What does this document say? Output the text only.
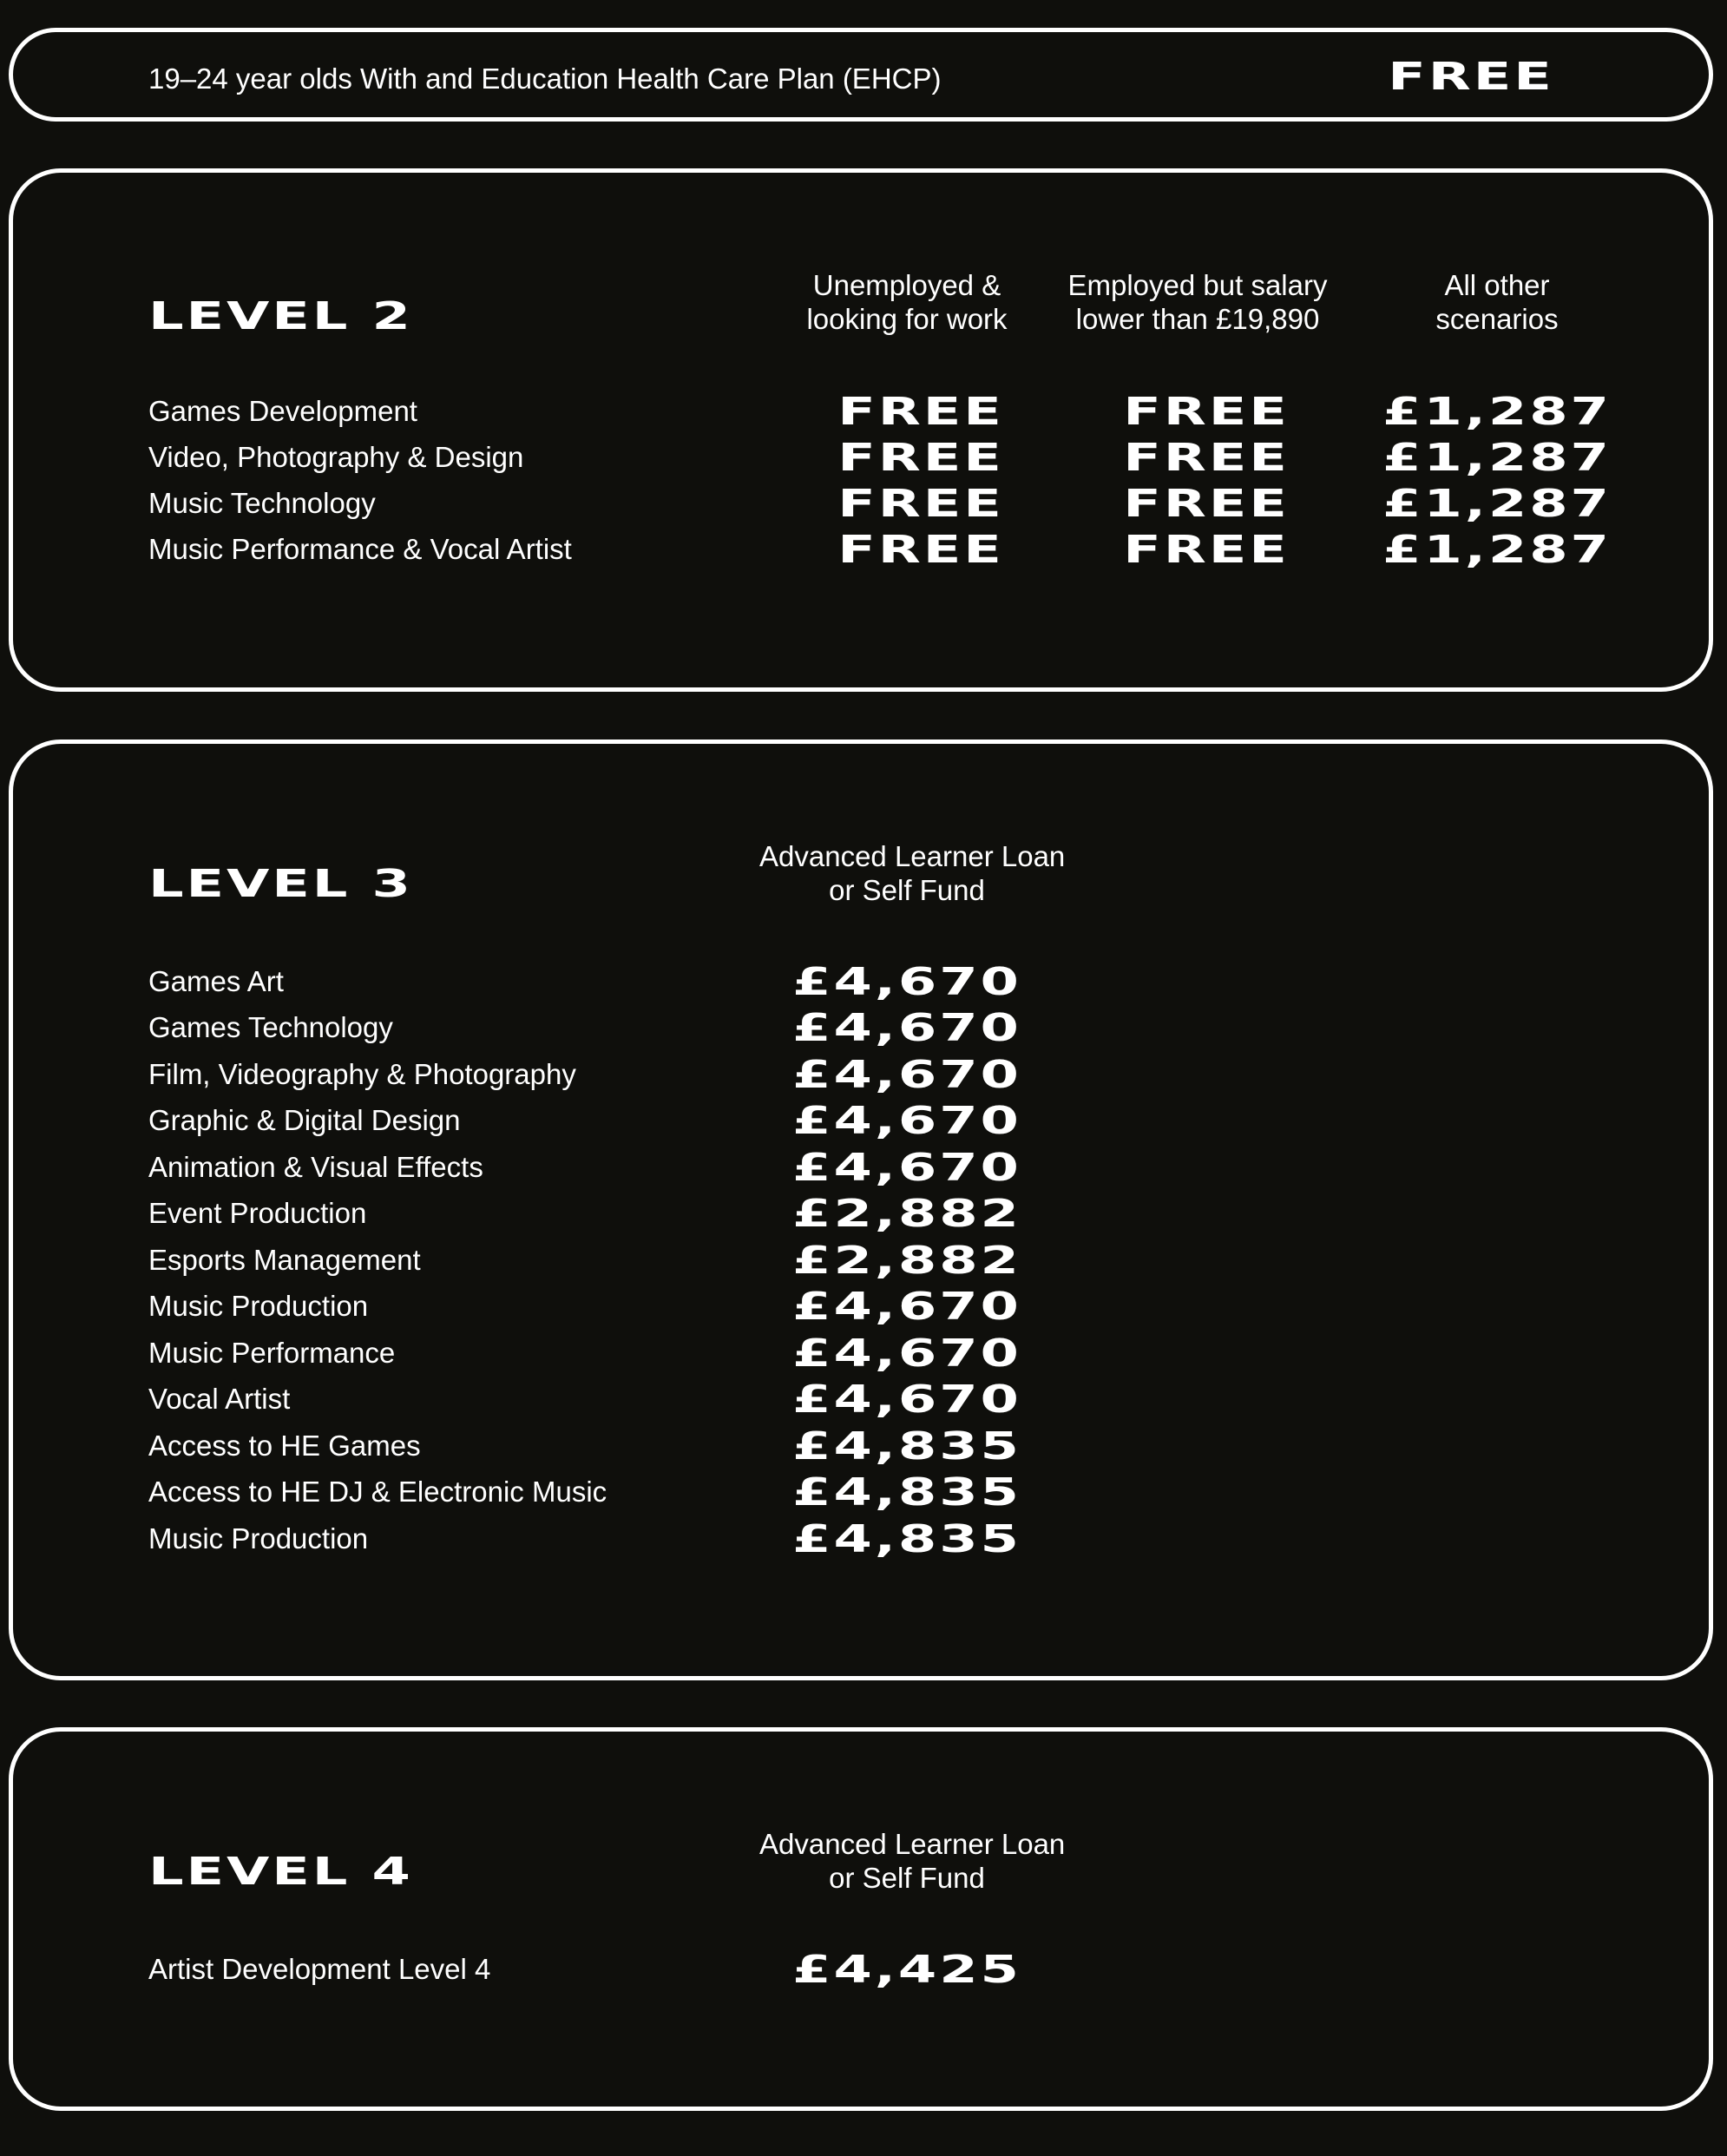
19–24 year olds With and Education Health Care Plan (EHCP)	FREE
LEVEL 2
Unemployed &
looking for work
Employed but salary
lower than £19,890
All other
scenarios
Games Development	FREE	FREE	£1,287
Video, Photography & Design	FREE	FREE	£1,287
Music Technology	FREE	FREE	£1,287
Music Performance & Vocal Artist	FREE	FREE	£1,287
LEVEL 3
Advanced Learner Loan
or Self Fund
Games Art	£4,670
Games Technology	£4,670
Film, Videography & Photography	£4,670
Graphic & Digital Design	£4,670
Animation & Visual Effects	£4,670
Event Production	£2,882
Esports Management	£2,882
Music Production	£4,670
Music Performance	£4,670
Vocal Artist	£4,670
Access to HE Games	£4,835
Access to HE DJ & Electronic Music	£4,835
Music Production	£4,835
LEVEL 4
Advanced Learner Loan
or Self Fund
Artist Development Level 4	£4,425
